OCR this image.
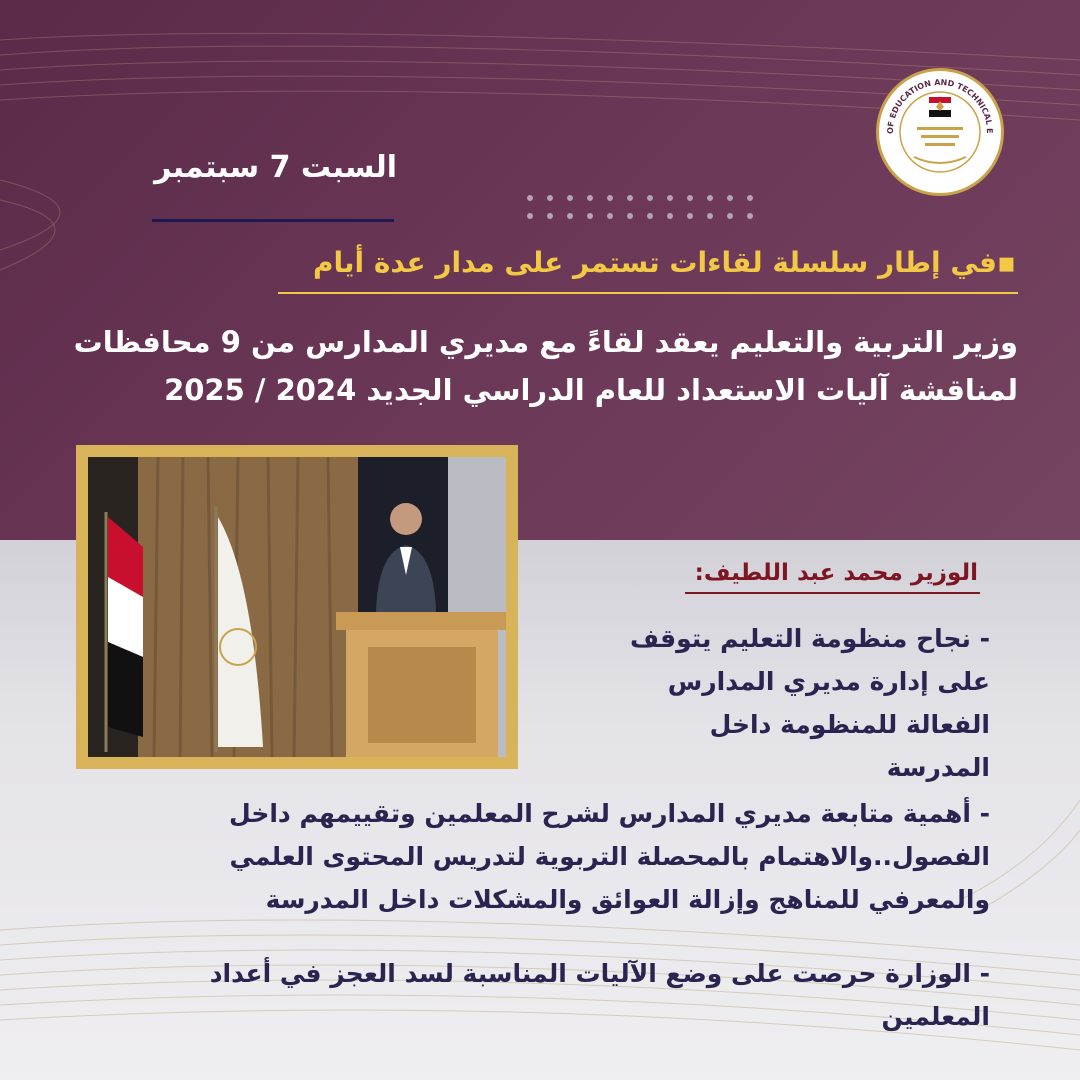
OF EDUCATION AND TECHNICAL E
السبت 7 سبتمبر
▪في إطار سلسلة لقاءات تستمر على مدار عدة أيام
وزير التربية والتعليم يعقد لقاءً مع مديري المدارس من 9 محافظات
لمناقشة آليات الاستعداد للعام الدراسي الجديد 2024 / 2025
الوزير محمد عبد اللطيف:
- نجاح منظومة التعليم يتوقف
على إدارة مديري المدارس
الفعالة للمنظومة داخل
المدرسة
- أهمية متابعة مديري المدارس لشرح المعلمين وتقييمهم داخل
الفصول..والاهتمام بالمحصلة التربوية لتدريس المحتوى العلمي
والمعرفي للمناهج وإزالة العوائق والمشكلات داخل المدرسة
- الوزارة حرصت على وضع الآليات المناسبة لسد العجز في أعداد
المعلمين
